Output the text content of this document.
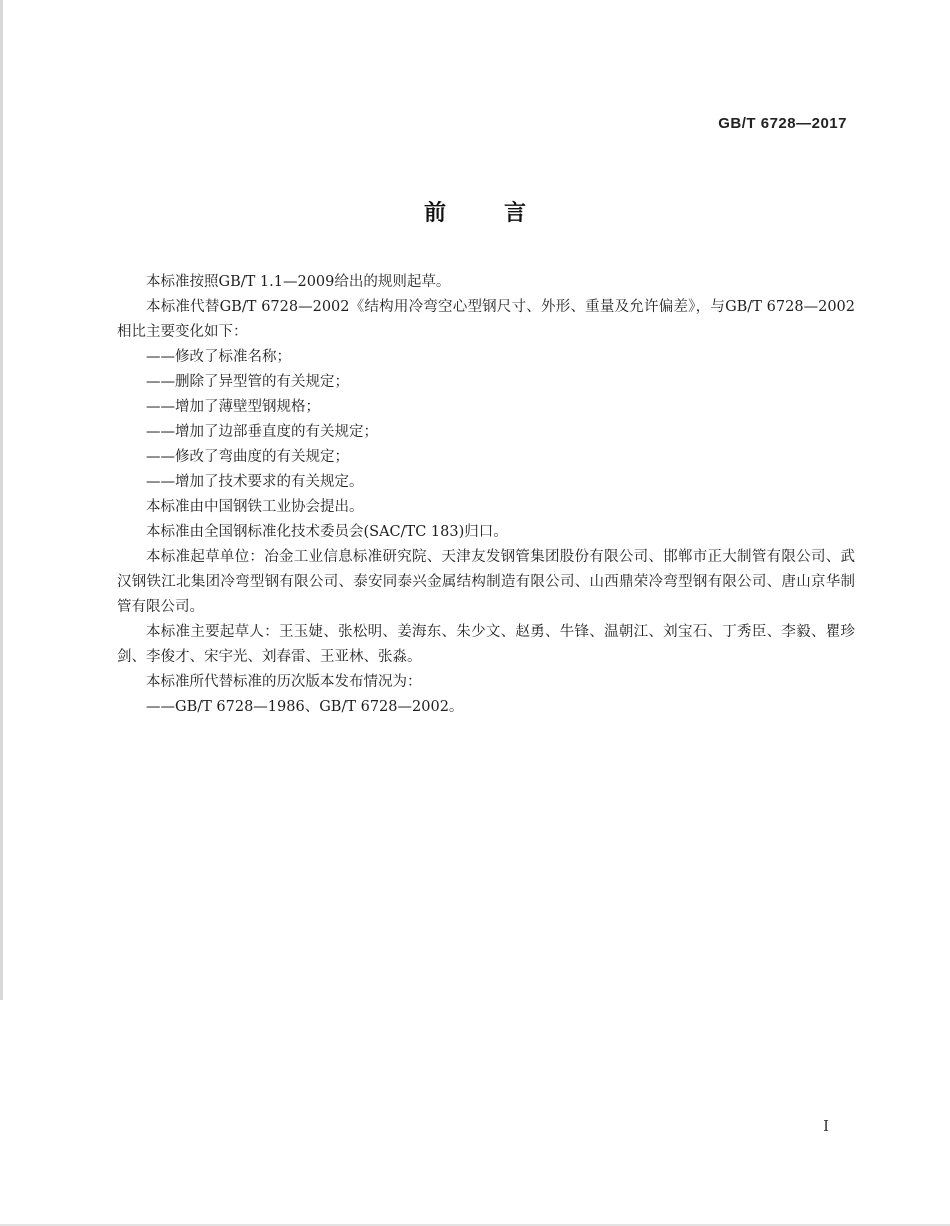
GB/T 6728—2017
前言

本标准按照GB/T 1.1—2009给出的规则起草。

本标准代替GB/T 6728—2002《结构用冷弯空心型钢尺寸、外形、重量及允许偏差》，与GB/T 6728—2002相比主要变化如下：

——修改了标准名称；

——删除了异型管的有关规定；

——增加了薄壁型钢规格；

——增加了边部垂直度的有关规定；

——修改了弯曲度的有关规定；

——增加了技术要求的有关规定。

本标准由中国钢铁工业协会提出。

本标准由全国钢标准化技术委员会(SAC/TC 183)归口。

本标准起草单位：冶金工业信息标准研究院、天津友发钢管集团股份有限公司、邯郸市正大制管有限公司、武汉钢铁江北集团冷弯型钢有限公司、泰安同泰兴金属结构制造有限公司、山西鼎荣冷弯型钢有限公司、唐山京华制管有限公司。

本标准主要起草人：王玉婕、张松明、姜海东、朱少文、赵勇、牛锋、温朝江、刘宝石、丁秀臣、李毅、瞿珍剑、李俊才、宋宇光、刘春雷、王亚林、张淼。

本标准所代替标准的历次版本发布情况为：

——GB/T 6728—1986、GB/T 6728—2002。

I
